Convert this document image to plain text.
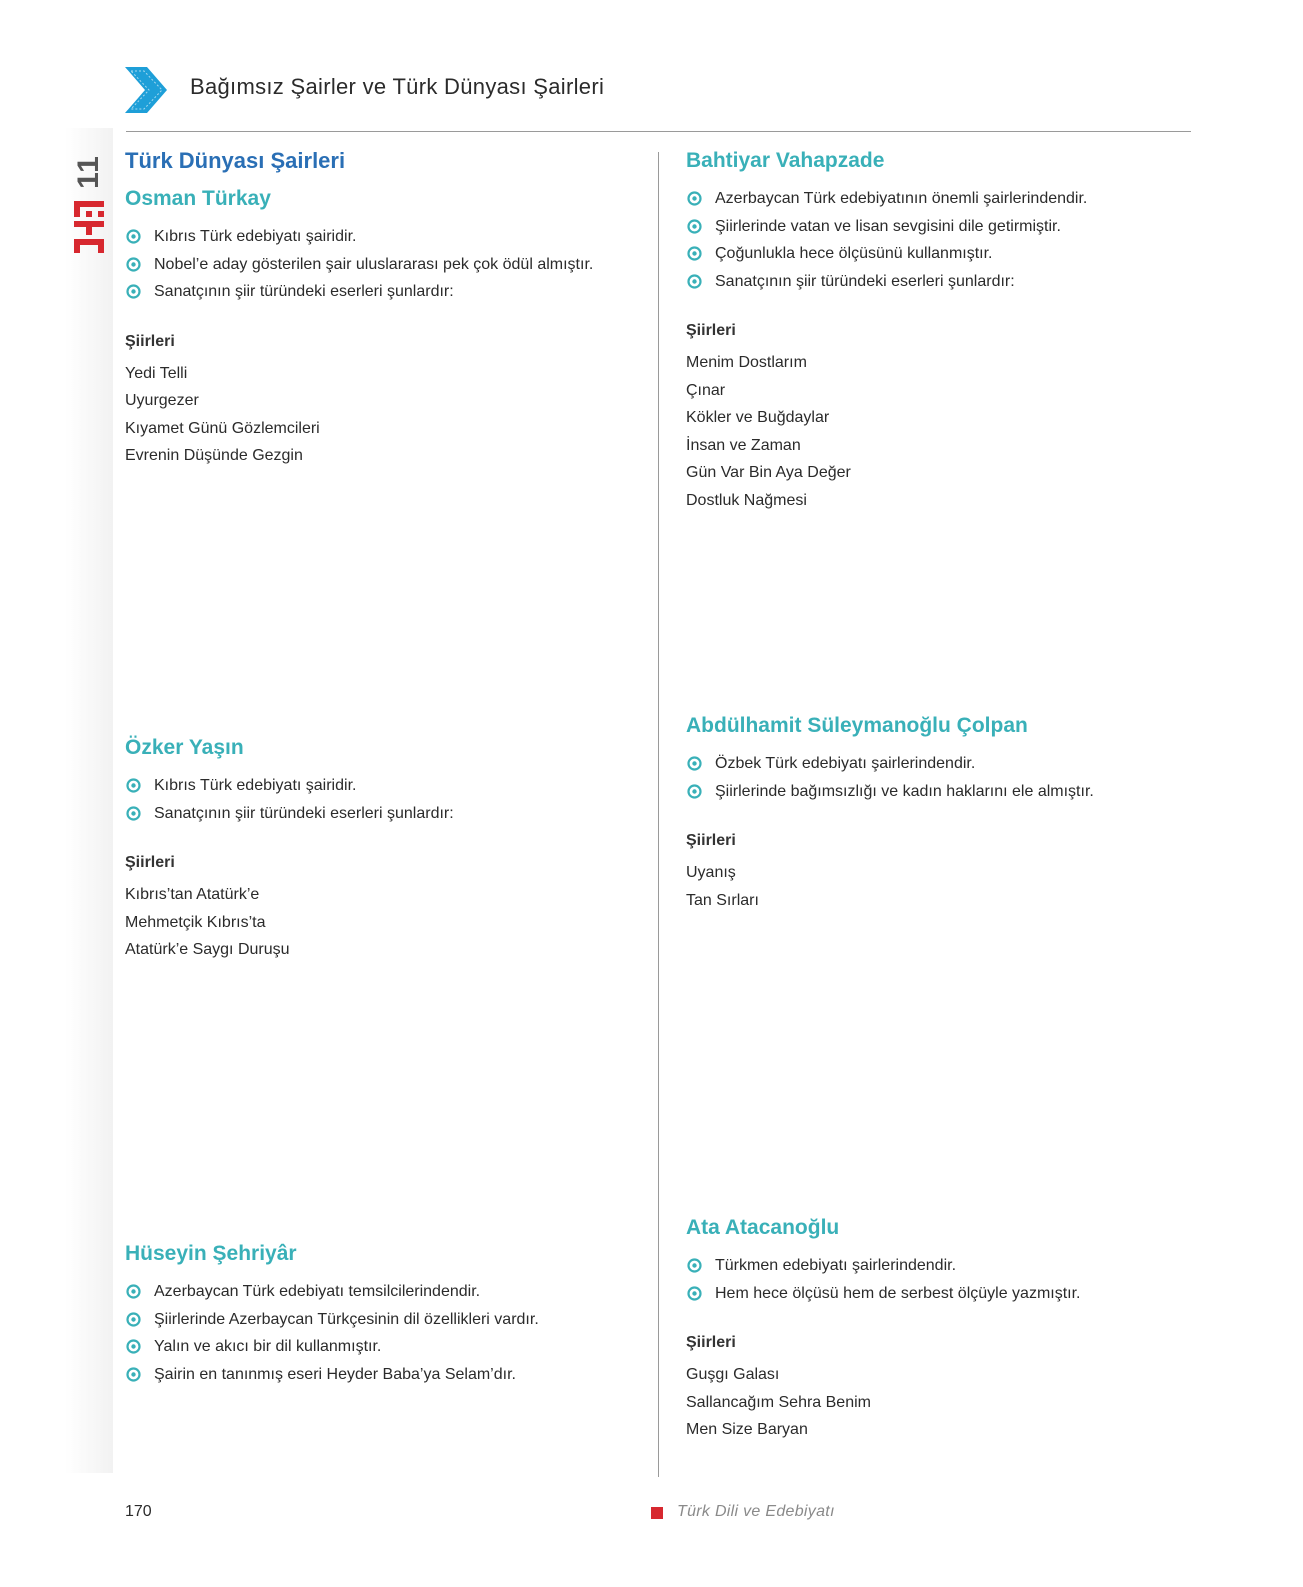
11
Bağımsız Şairler ve Türk Dünyası Şairleri
Türk Dünyası Şairleri
Osman Türkay
Kıbrıs Türk edebiyatı şairidir.
Nobel’e aday gösterilen şair uluslararası pek çok ödül almıştır.
Sanatçının şiir türündeki eserleri şunlardır:
Şiirleri
Yedi Telli
Uyurgezer
Kıyamet Günü Gözlemcileri
Evrenin Düşünde Gezgin
Özker Yaşın
Kıbrıs Türk edebiyatı şairidir.
Sanatçının şiir türündeki eserleri şunlardır:
Şiirleri
Kıbrıs’tan Atatürk’e
Mehmetçik Kıbrıs’ta
Atatürk’e Saygı Duruşu
Hüseyin Şehriyâr
Azerbaycan Türk edebiyatı temsilcilerindendir.
Şiirlerinde Azerbaycan Türkçesinin dil özellikleri vardır.
Yalın ve akıcı bir dil kullanmıştır.
Şairin en tanınmış eseri Heyder Baba’ya Selam’dır.
Bahtiyar Vahapzade
Azerbaycan Türk edebiyatının önemli şairlerindendir.
Şiirlerinde vatan ve lisan sevgisini dile getirmiştir.
Çoğunlukla hece ölçüsünü kullanmıştır.
Sanatçının şiir türündeki eserleri şunlardır:
Şiirleri
Menim Dostlarım
Çınar
Kökler ve Buğdaylar
İnsan ve Zaman
Gün Var Bin Aya Değer
Dostluk Nağmesi
Abdülhamit Süleymanoğlu Çolpan
Özbek Türk edebiyatı şairlerindendir.
Şiirlerinde bağımsızlığı ve kadın haklarını ele almıştır.
Şiirleri
Uyanış
Tan Sırları
Ata Atacanoğlu
Türkmen edebiyatı şairlerindendir.
Hem hece ölçüsü hem de serbest ölçüyle yazmıştır.
Şiirleri
Guşgı Galası
Sallancağım Sehra Benim
Men Size Baryan
170	Türk Dili ve Edebiyatı
